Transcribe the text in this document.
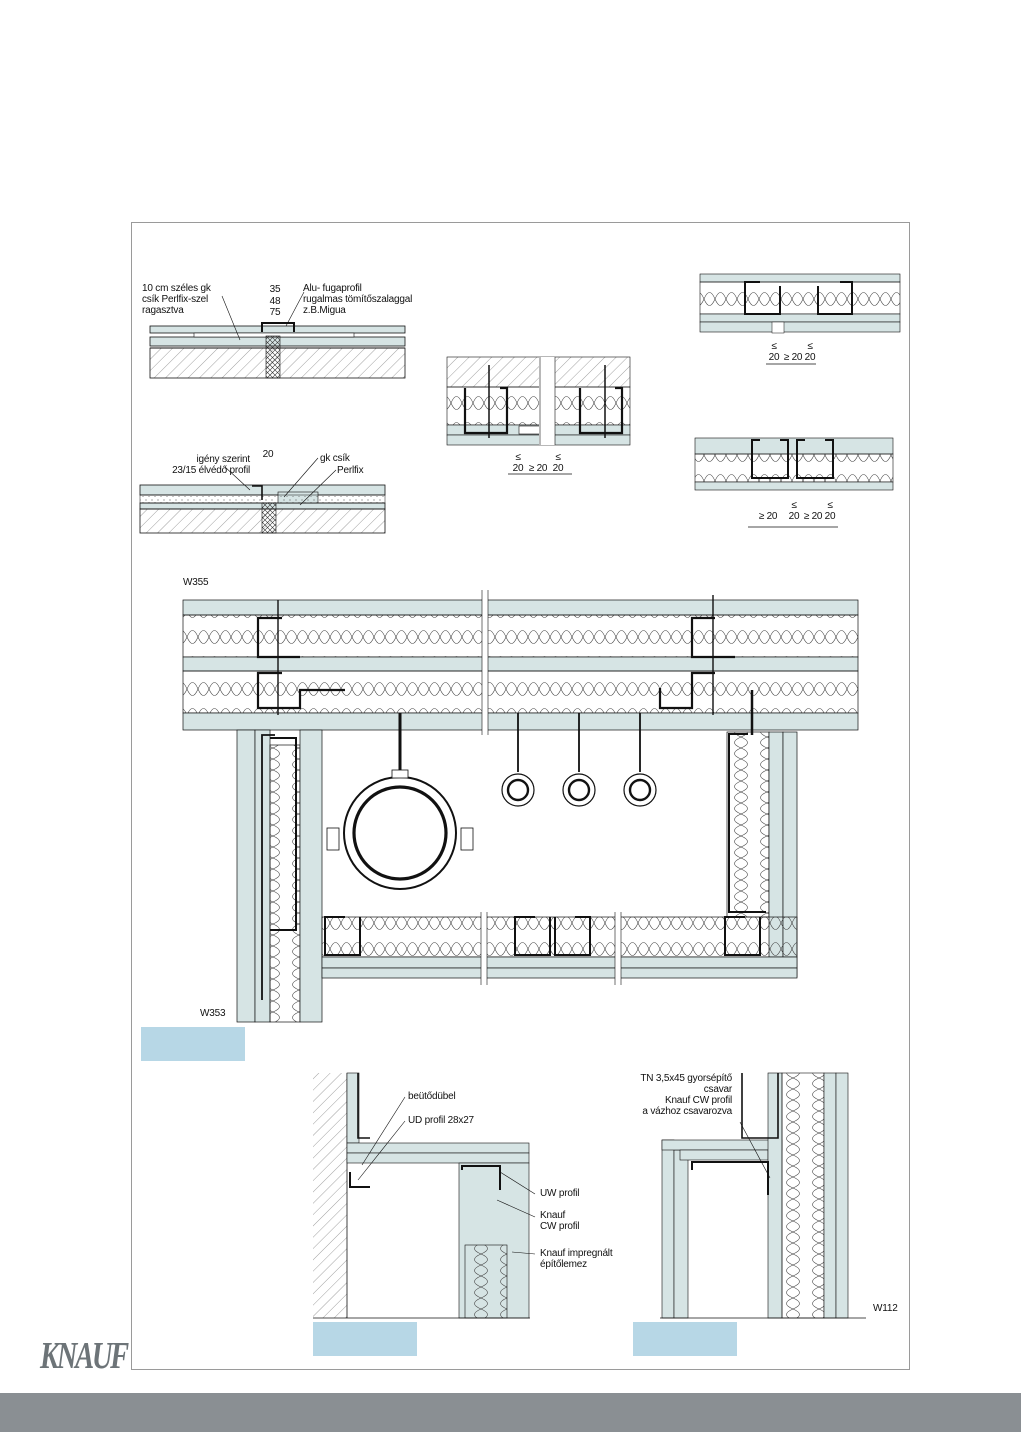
10 cm széles gk
csík Perlfix-szel
ragasztva
35
48
75
Alu- fugaprofil
rugalmas tömítőszalaggal
z.B.Migua
igény szerint
23/15 élvédő profil
20	gk csík
Perlfix
≤
20 ≥ 20
≤
20
≤
20 ≥ 20
≤
20
≥ 20
≤
20 ≥ 20
≤
20
W355
W353
beütődübel
UD profil 28x27
UW profil
Knauf
CW profil
Knauf impregnált
építőlemez
TN 3,5x45 gyorsépítő
csavar
Knauf CW profil
a vázhoz csavarozva
W112
KNAUF
